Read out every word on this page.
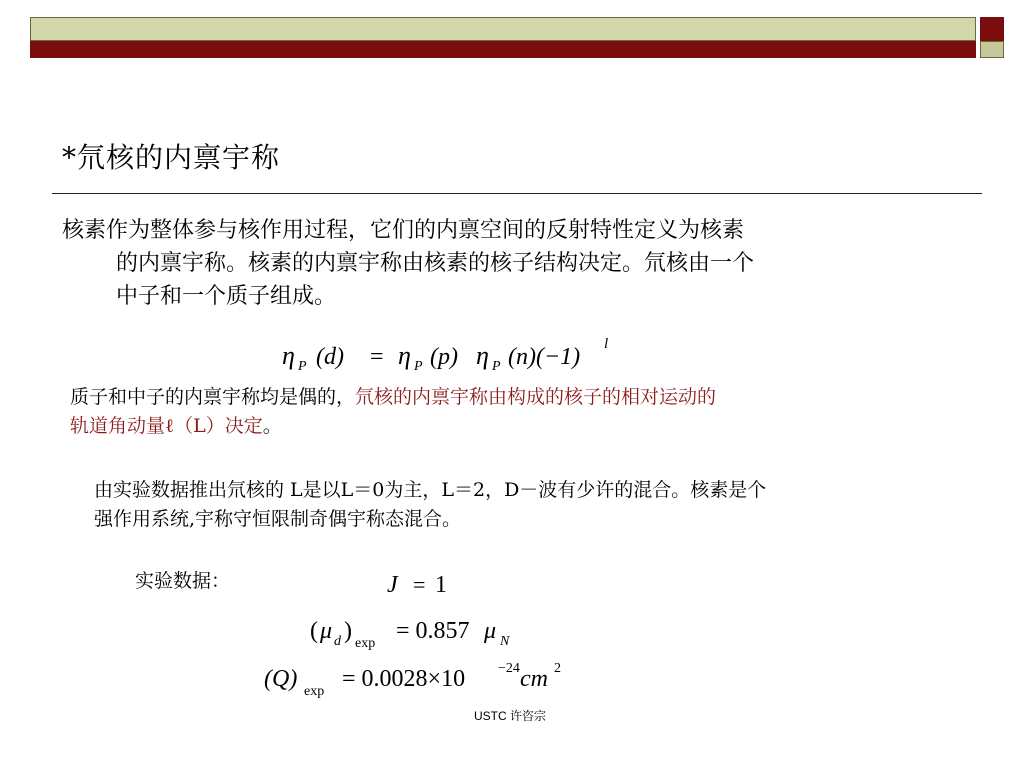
*氘核的内禀宇称
核素作为整体参与核作用过程，它们的内禀空间的反射特性定义为核素
的内禀宇称。核素的内禀宇称由核素的核子结构决定。氘核由一个
中子和一个质子组成。
η P (d) = η P (p) η P (n)(−1) l
质子和中子的内禀宇称均是偶的，氘核的内禀宇称由构成的核子的相对运动的
轨道角动量ℓ（L）决定。
由实验数据推出氘核的 L是以L＝0为主，L＝2，D－波有少许的混合。核素是个
强作用系统,宇称守恒限制奇偶宇称态混合。
实验数据：	J = 1
( μ d ) exp = 0.857 μ N
(Q) exp = 0.0028×10 −24 cm 2
USTC 许咨宗
